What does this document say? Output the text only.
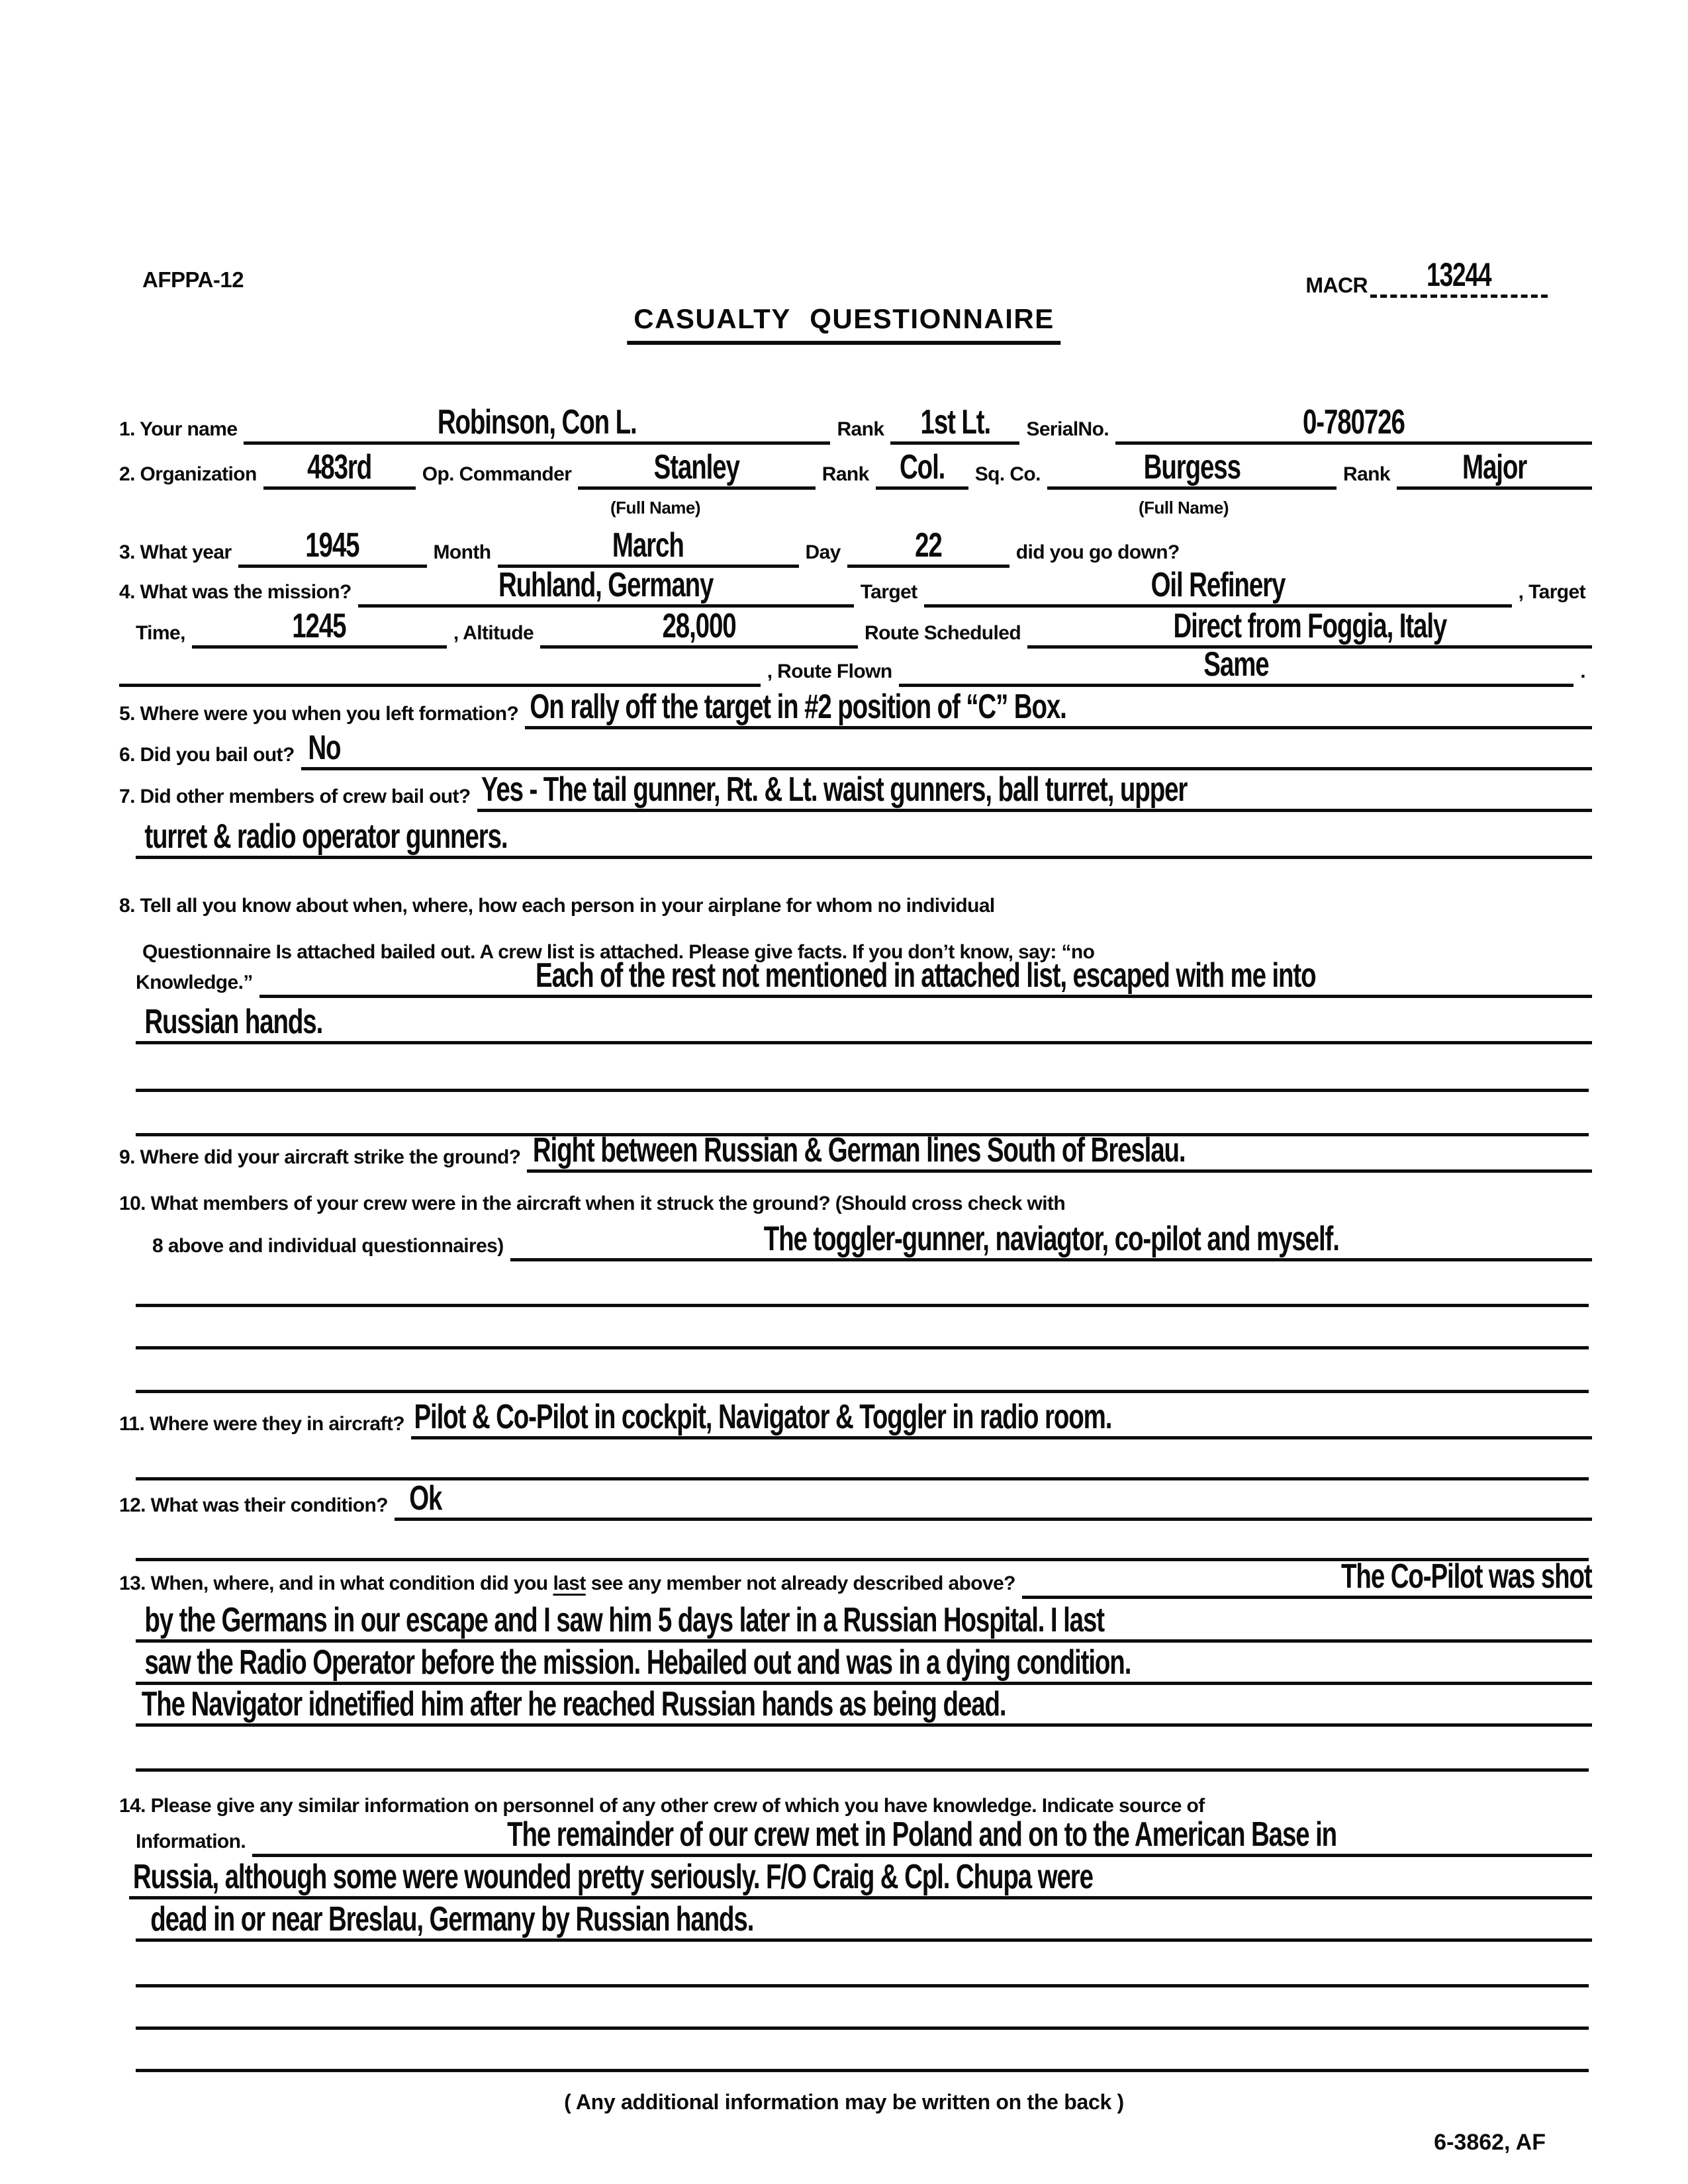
AFPPA-12	MACR 13244
CASUALTY QUESTIONNAIRE
1. Your name	Robinson, Con L.	Rank 1st Lt.	SerialNo.	0-780726
2. Organization 483rd	Op. Commander Stanley	Rank Col.	Sq. Co.	Burgess	Rank Major
(Full Name)	(Full Name)
3. What year 1945	Month	March	Day 22	did you go down?
4. What was the mission?	Ruhland, Germany	Target	Oil Refinery	, Target
Time,	1245	, Altitude	28,000	Route Scheduled	Direct from Foggia, Italy
, Route Flown	Same	.
5. Where were you when you left formation? On rally off the target in #2 position of “C” Box.
6. Did you bail out? No
7. Did other members of crew bail out? Yes - The tail gunner, Rt. & Lt. waist gunners, ball turret, upper
turret & radio operator gunners.
8. Tell all you know about when, where, how each person in your airplane for whom no individual
Questionnaire Is attached bailed out. A crew list is attached. Please give facts. If you don’t know, say: “no
Knowledge.”	Each of the rest not mentioned in attached list, escaped with me into
Russian hands.
9. Where did your aircraft strike the ground? Right between Russian & German lines South of Breslau.
10. What members of your crew were in the aircraft when it struck the ground? (Should cross check with
8 above and individual questionnaires)	The toggler-gunner, naviagtor, co-pilot and myself.
11. Where were they in aircraft? Pilot & Co-Pilot in cockpit, Navigator & Toggler in radio room.
12. What was their condition? Ok
13. When, where, and in what condition did you last see any member not already described above?	The Co-Pilot was shot
by the Germans in our escape and I saw him 5 days later in a Russian Hospital. I last
saw the Radio Operator before the mission. Hebailed out and was in a dying condition.
The Navigator idnetified him after he reached Russian hands as being dead.
14. Please give any similar information on personnel of any other crew of which you have knowledge. Indicate source of
Information.	The remainder of our crew met in Poland and on to the American Base in
Russia, although some were wounded pretty seriously. F/O Craig & Cpl. Chupa were
dead in or near Breslau, Germany by Russian hands.
( Any additional information may be written on the back )
6-3862, AF
